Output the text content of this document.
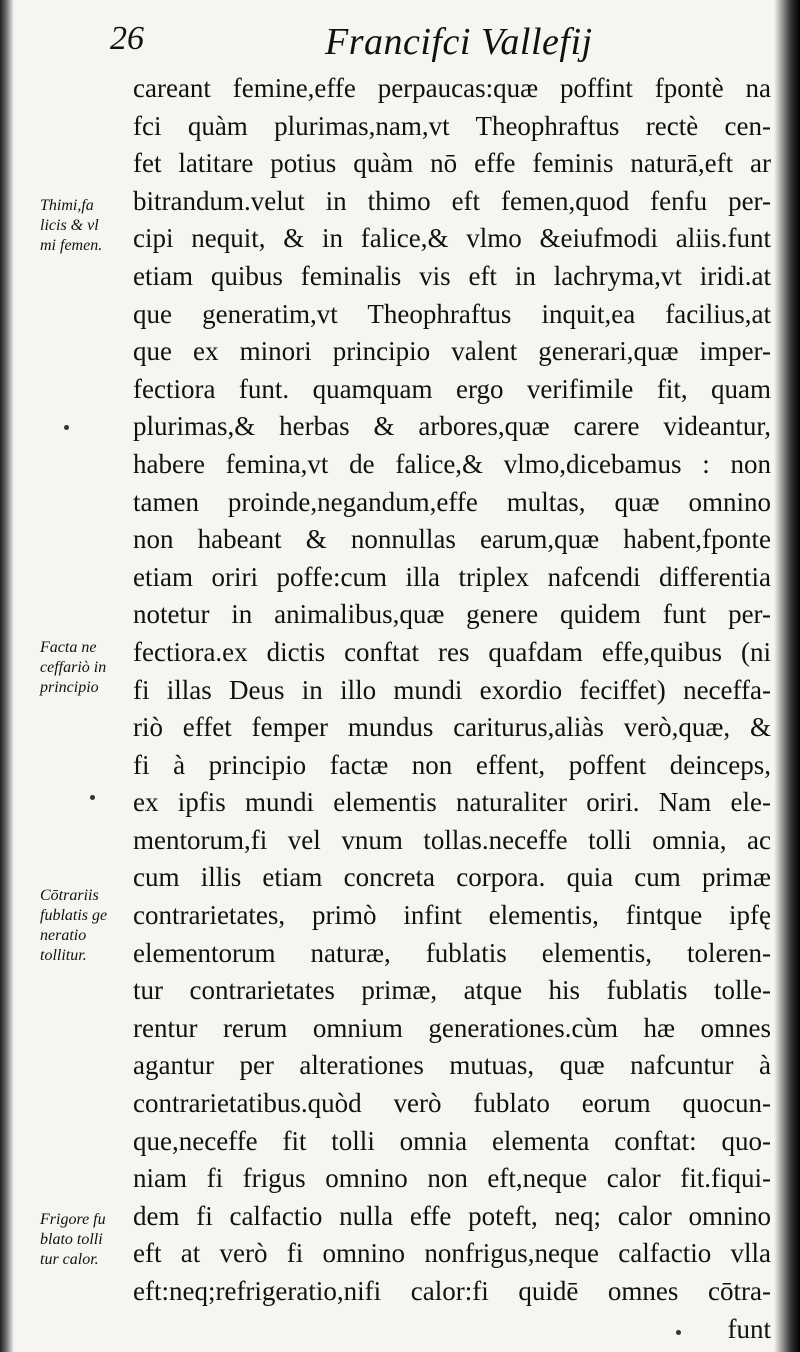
26	Francifci Vallefij
Thimi,fa
licis & vl
mi femen.
Facta ne
ceffariò in
principio
Cōtrariis
fublatis ge
neratio
tollitur.
Frigore fu
blato tolli
tur calor.
careant femine,effe perpaucas:quæ poffint fpontè na
fci quàm plurimas,nam,vt Theophraftus rectè cen-
fet latitare potius quàm nō effe feminis naturā,eft ar
bitrandum.velut in thimo eft femen,quod fenfu per-
cipi nequit, & in falice,& vlmo &eiufmodi aliis.funt
etiam quibus feminalis vis eft in lachryma,vt iridi.at
que generatim,vt Theophraftus inquit,ea facilius,at
que ex minori principio valent generari,quæ imper-
fectiora funt. quamquam ergo verifimile fit, quam
plurimas,& herbas & arbores,quæ carere videantur,
habere femina,vt de falice,& vlmo,dicebamus : non
tamen proinde,negandum,effe multas, quæ omnino
non habeant & nonnullas earum,quæ habent,fponte
etiam oriri poffe:cum illa triplex nafcendi differentia
notetur in animalibus,quæ genere quidem funt per-
fectiora.ex dictis conftat res quafdam effe,quibus (ni
fi illas Deus in illo mundi exordio feciffet) neceffa-
riò effet femper mundus cariturus,aliàs verò,quæ, &
fi à principio factæ non effent, poffent deinceps,
ex ipfis mundi elementis naturaliter oriri. Nam ele-
mentorum,fi vel vnum tollas.neceffe tolli omnia, ac
cum illis etiam concreta corpora. quia cum primæ
contrarietates, primò infint elementis, fintque ipfę
elementorum naturæ, fublatis elementis, toleren-
tur contrarietates primæ, atque his fublatis tolle-
rentur rerum omnium generationes.cùm hæ omnes
agantur per alterationes mutuas, quæ nafcuntur à
contrarietatibus.quòd verò fublato eorum quocun-
que,neceffe fit tolli omnia elementa conftat: quo-
niam fi frigus omnino non eft,neque calor fit.fiqui-
dem fi calfactio nulla effe poteft, neq; calor omnino
eft at verò fi omnino nonfrigus,neque calfactio vlla
eft:neq;refrigeratio,nifi calor:fi quidē omnes cōtra-
funt
